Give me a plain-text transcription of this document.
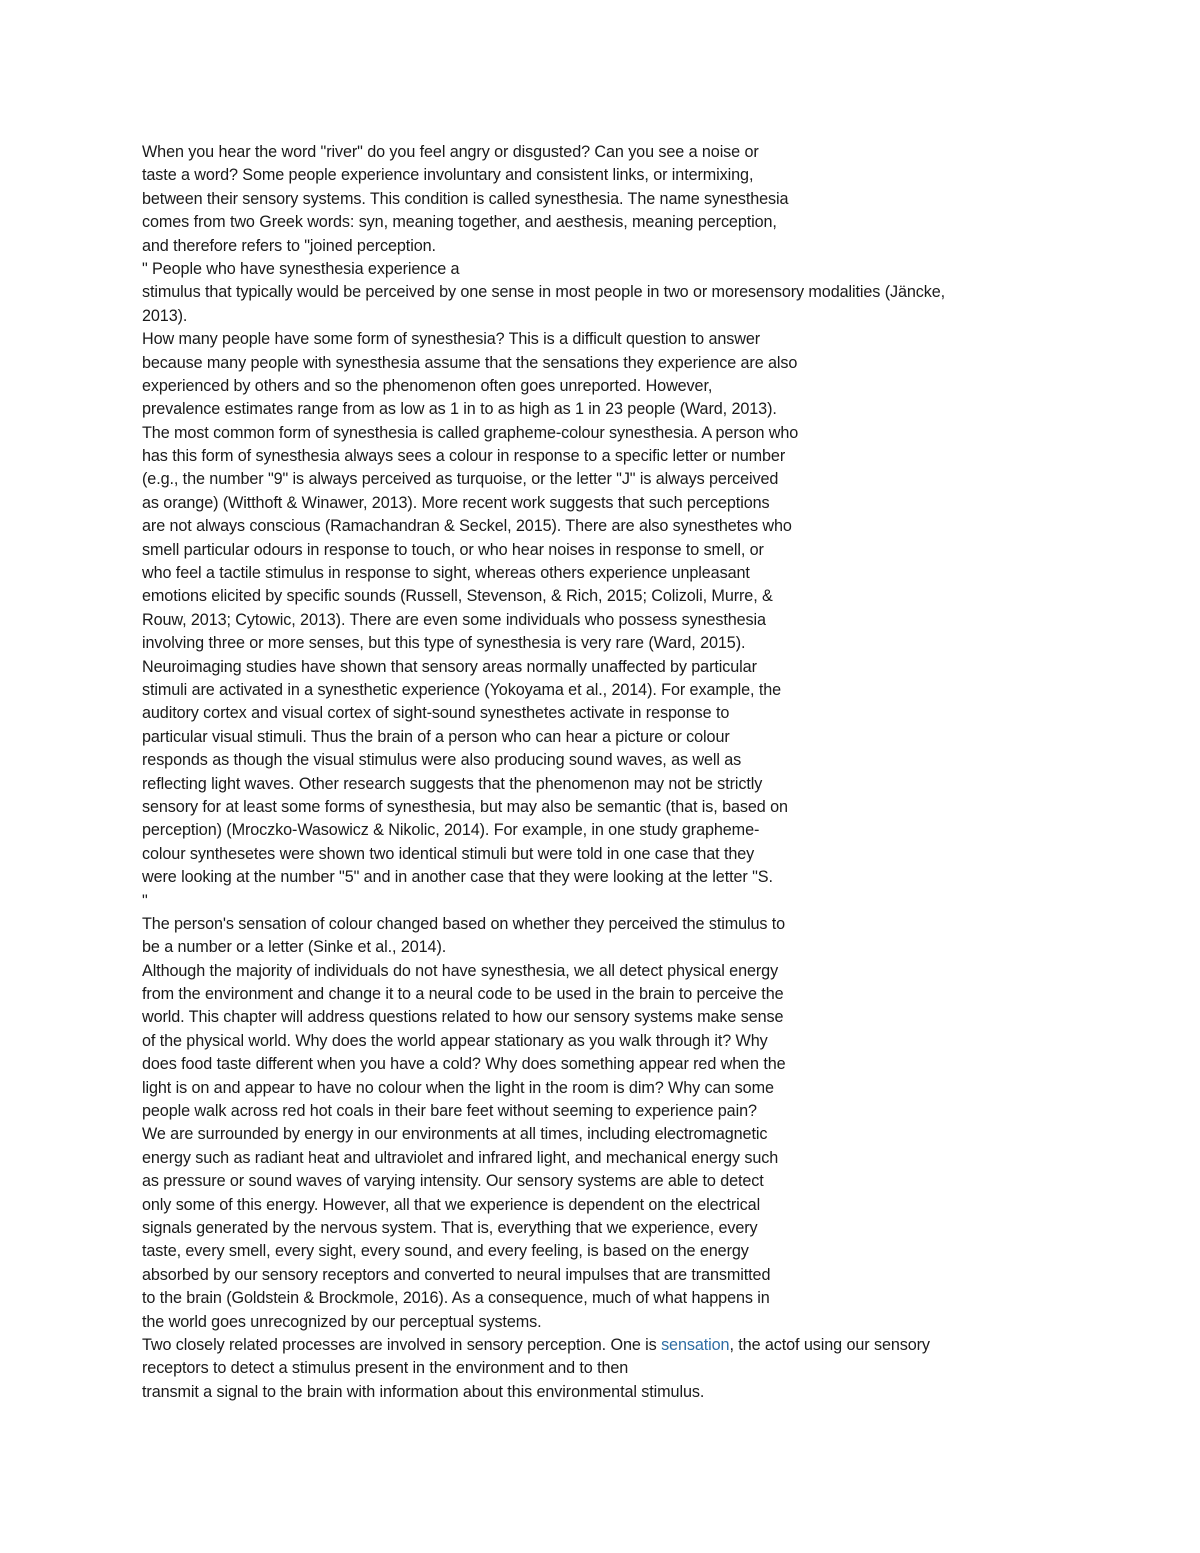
When you hear the word "river" do you feel angry or disgusted? Can you see a noise or
taste a word? Some people experience involuntary and consistent links, or intermixing,
between their sensory systems. This condition is called synesthesia. The name synesthesia
comes from two Greek words: syn, meaning together, and aesthesis, meaning perception,
and therefore refers to "joined perception.
" People who have synesthesia experience a
stimulus that typically would be perceived by one sense in most people in two or moresensory modalities (Jäncke,
2013).
How many people have some form of synesthesia? This is a difficult question to answer
because many people with synesthesia assume that the sensations they experience are also
experienced by others and so the phenomenon often goes unreported. However,
prevalence estimates range from as low as 1 in to as high as 1 in 23 people (Ward, 2013).
The most common form of synesthesia is called grapheme-colour synesthesia. A person who
has this form of synesthesia always sees a colour in response to a specific letter or number
(e.g., the number "9" is always perceived as turquoise, or the letter "J" is always perceived
as orange) (Witthoft & Winawer, 2013). More recent work suggests that such perceptions
are not always conscious (Ramachandran & Seckel, 2015). There are also synesthetes who
smell particular odours in response to touch, or who hear noises in response to smell, or
who feel a tactile stimulus in response to sight, whereas others experience unpleasant
emotions elicited by specific sounds (Russell, Stevenson, & Rich, 2015; Colizoli, Murre, &
Rouw, 2013; Cytowic, 2013). There are even some individuals who possess synesthesia
involving three or more senses, but this type of synesthesia is very rare (Ward, 2015).
Neuroimaging studies have shown that sensory areas normally unaffected by particular
stimuli are activated in a synesthetic experience (Yokoyama et al., 2014). For example, the
auditory cortex and visual cortex of sight-sound synesthetes activate in response to
particular visual stimuli. Thus the brain of a person who can hear a picture or colour
responds as though the visual stimulus were also producing sound waves, as well as
reflecting light waves. Other research suggests that the phenomenon may not be strictly
sensory for at least some forms of synesthesia, but may also be semantic (that is, based on
perception) (Mroczko-Wasowicz & Nikolic, 2014). For example, in one study grapheme-
colour synthesetes were shown two identical stimuli but were told in one case that they
were looking at the number "5" and in another case that they were looking at the letter "S.
"
The person's sensation of colour changed based on whether they perceived the stimulus to
be a number or a letter (Sinke et al., 2014).
Although the majority of individuals do not have synesthesia, we all detect physical energy
from the environment and change it to a neural code to be used in the brain to perceive the
world. This chapter will address questions related to how our sensory systems make sense
of the physical world. Why does the world appear stationary as you walk through it? Why
does food taste different when you have a cold? Why does something appear red when the
light is on and appear to have no colour when the light in the room is dim? Why can some
people walk across red hot coals in their bare feet without seeming to experience pain?
We are surrounded by energy in our environments at all times, including electromagnetic
energy such as radiant heat and ultraviolet and infrared light, and mechanical energy such
as pressure or sound waves of varying intensity. Our sensory systems are able to detect
only some of this energy. However, all that we experience is dependent on the electrical
signals generated by the nervous system. That is, everything that we experience, every
taste, every smell, every sight, every sound, and every feeling, is based on the energy
absorbed by our sensory receptors and converted to neural impulses that are transmitted
to the brain (Goldstein & Brockmole, 2016). As a consequence, much of what happens in
the world goes unrecognized by our perceptual systems.
Two closely related processes are involved in sensory perception. One is sensation, the actof using our sensory
receptors to detect a stimulus present in the environment and to then
transmit a signal to the brain with information about this environmental stimulus.
